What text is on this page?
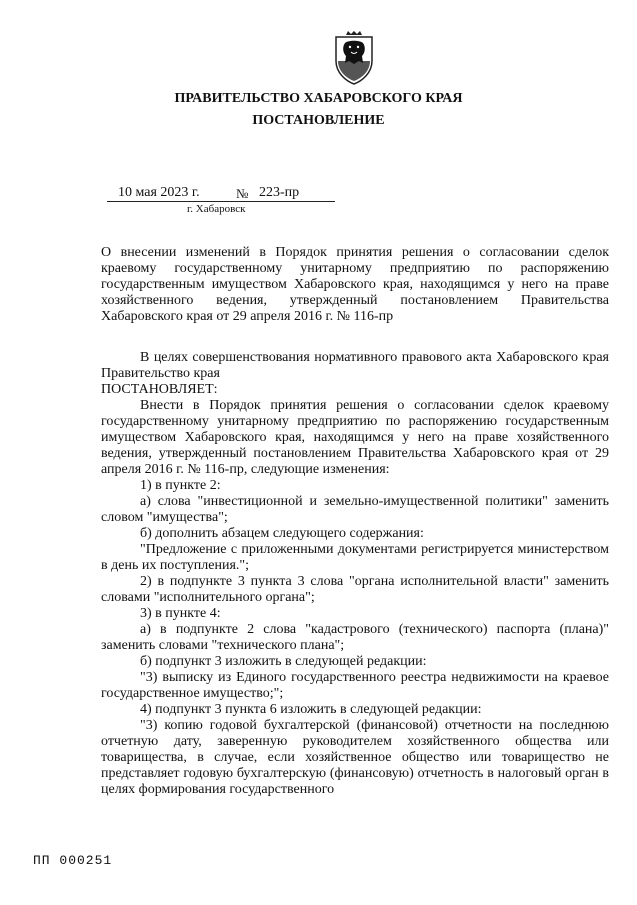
ПРАВИТЕЛЬСТВО ХАБАРОВСКОГО КРАЯ
ПОСТАНОВЛЕНИЕ
10 мая 2023 г.	№ 223-пр
г. Хабаровск
О внесении изменений в Порядок принятия решения о согласовании сделок краевому государственному унитарному предприятию по распоряжению государственным имуществом Хабаровского края, находящимся у него на праве хозяйственного ведения, утвержденный постановлением Правительства Хабаровского края от 29 апреля 2016 г. № 116-пр

В целях совершенствования нормативного правового акта Хабаровского края Правительство края

ПОСТАНОВЛЯЕТ:

Внести в Порядок принятия решения о согласовании сделок краевому государственному унитарному предприятию по распоряжению государственным имуществом Хабаровского края, находящимся у него на праве хозяйственного ведения, утвержденный постановлением Правительства Хабаровского края от 29 апреля 2016 г. № 116-пр, следующие изменения:

1) в пункте 2:

а) слова "инвестиционной и земельно-имущественной политики" заменить словом "имущества";

б) дополнить абзацем следующего содержания:

"Предложение с приложенными документами регистрируется министерством в день их поступления.";

2) в подпункте 3 пункта 3 слова "органа исполнительной власти" заменить словами "исполнительного органа";

3) в пункте 4:

а) в подпункте 2 слова "кадастрового (технического) паспорта (плана)" заменить словами "технического плана";

б) подпункт 3 изложить в следующей редакции:

"3) выписку из Единого государственного реестра недвижимости на краевое государственное имущество;";

4) подпункт 3 пункта 6 изложить в следующей редакции:

"3) копию годовой бухгалтерской (финансовой) отчетности на последнюю отчетную дату, заверенную руководителем хозяйственного общества или товарищества, в случае, если хозяйственное общество или товарищество не представляет годовую бухгалтерскую (финансовую) отчетность в налоговый орган в целях формирования государственного

ПП 000251
